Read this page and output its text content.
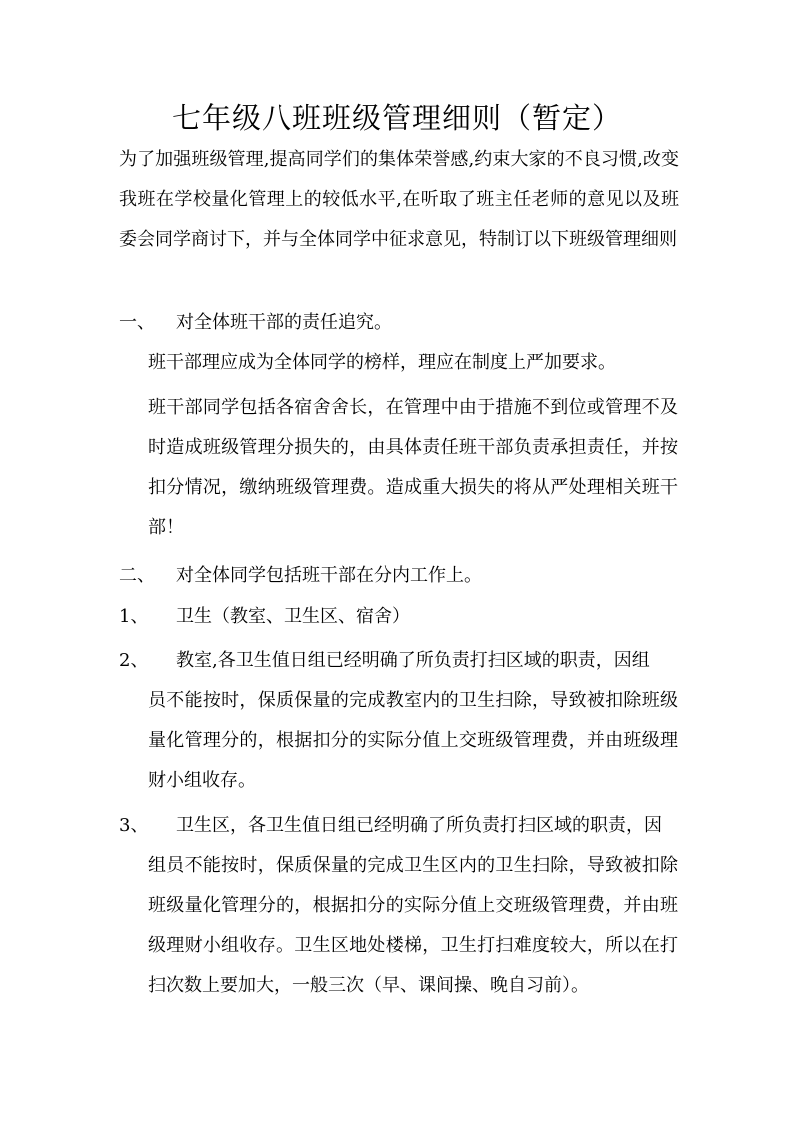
七年级八班班级管理细则（暂定）
为了加强班级管理,提高同学们的集体荣誉感,约束大家的不良习惯,改变我班在学校量化管理上的较低水平,在听取了班主任老师的意见以及班委会同学商讨下，并与全体同学中征求意见，特制订以下班级管理细则
一、 对全体班干部的责任追究。
班干部理应成为全体同学的榜样，理应在制度上严加要求。
班干部同学包括各宿舍舍长，在管理中由于措施不到位或管理不及时造成班级管理分损失的，由具体责任班干部负责承担责任，并按扣分情况，缴纳班级管理费。造成重大损失的将从严处理相关班干部！
二、 对全体同学包括班干部在分内工作上。
1、 卫生（教室、卫生区、宿舍）
2、 教室,各卫生值日组已经明确了所负责打扫区域的职责，因组
员不能按时，保质保量的完成教室内的卫生扫除，导致被扣除班级量化管理分的，根据扣分的实际分值上交班级管理费，并由班级理财小组收存。
3、 卫生区，各卫生值日组已经明确了所负责打扫区域的职责，因
组员不能按时，保质保量的完成卫生区内的卫生扫除，导致被扣除班级量化管理分的，根据扣分的实际分值上交班级管理费，并由班级理财小组收存。卫生区地处楼梯，卫生打扫难度较大，所以在打扫次数上要加大，一般三次（早、课间操、晚自习前）。
